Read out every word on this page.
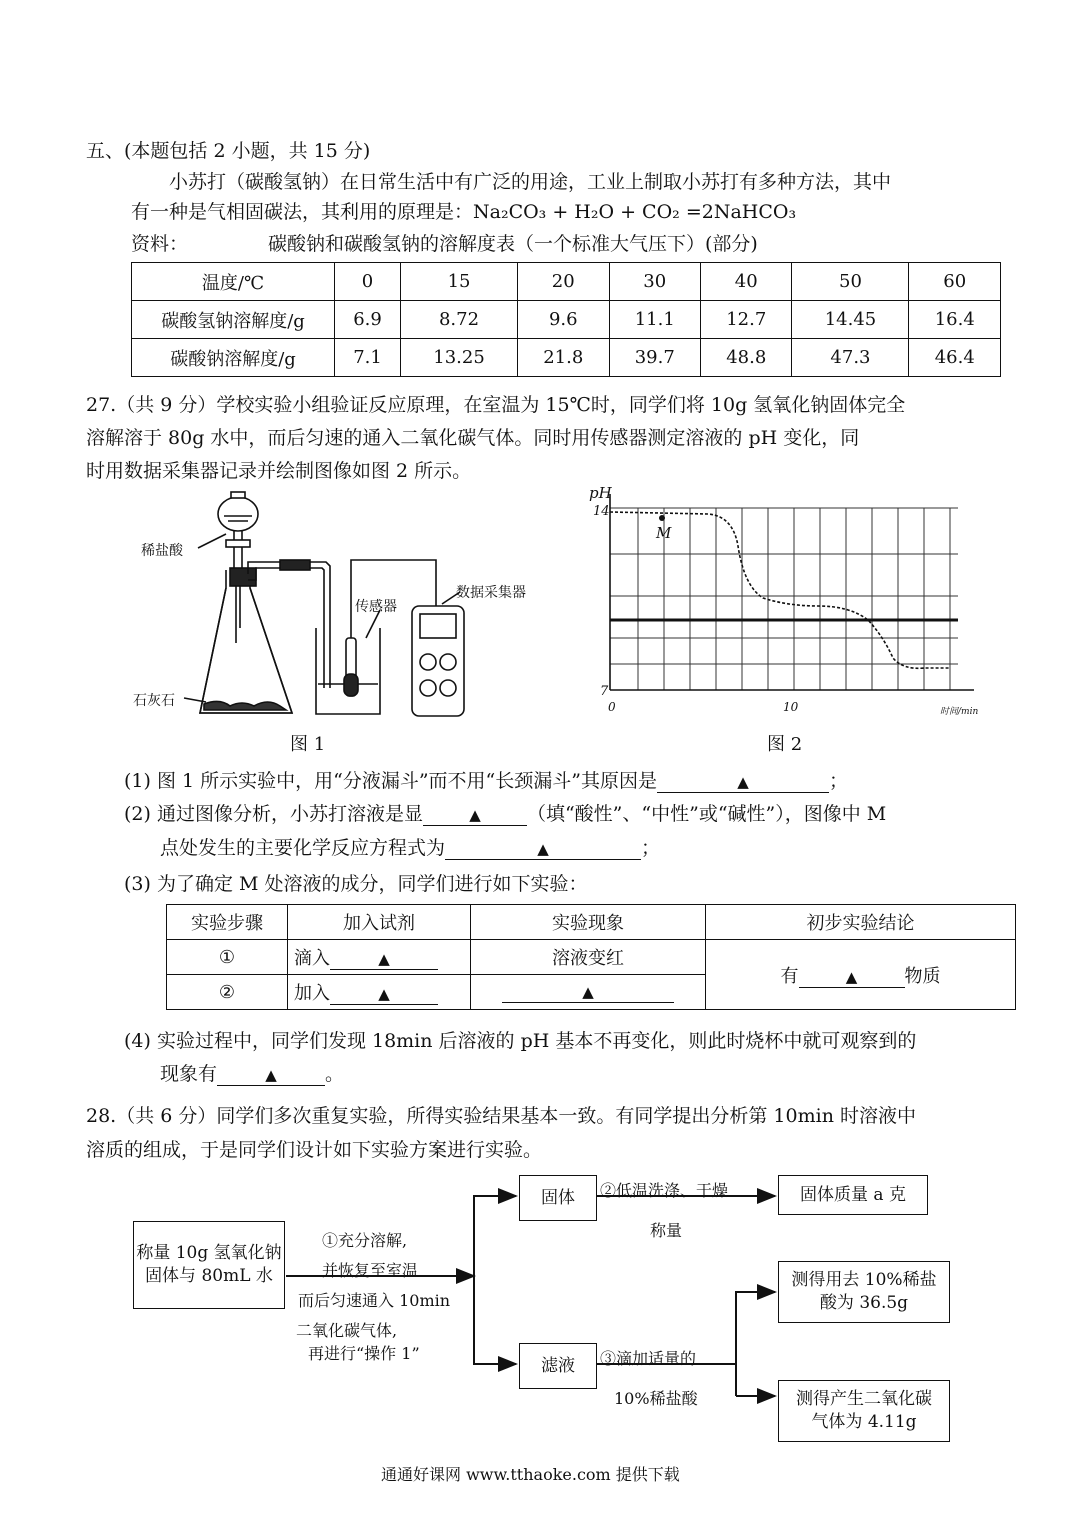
五、(本题包括 2 小题，共 15 分)
小苏打（碳酸氢钠）在日常生活中有广泛的用途，工业上制取小苏打有多种方法，其中
有一种是气相固碳法，其利用的原理是：Na₂CO₃ + H₂O + CO₂ =2NaHCO₃
资料：	碳酸钠和碳酸氢钠的溶解度表（一个标准大气压下）(部分)
温度/℃	0	15	20	30	40	50	60
碳酸氢钠溶解度/g	6.9	8.72	9.6	11.1	12.7	14.45	16.4
碳酸钠溶解度/g	7.1	13.25	21.8	39.7	48.8	47.3	46.4
27.（共 9 分）学校实验小组验证反应原理，在室温为 15℃时，同学们将 10g 氢氧化钠固体完全
溶解溶于 80g 水中，而后匀速的通入二氧化碳气体。同时用传感器测定溶液的 pH 变化，同
时用数据采集器记录并绘制图像如图 2 所示。
稀盐酸
传感器
数据采集器
石灰石
图 1
pH
14
7
0	10	时间/min
M
图 2
(1) 图 1 所示实验中，用“分液漏斗”而不用“长颈漏斗”其原因是	▲	；
(2) 通过图像分析，小苏打溶液是显	▲ （填“酸性”、“中性”或“碱性”），图像中 M
点处发生的主要化学反应方程式为	▲	；
(3) 为了确定 M 处溶液的成分，同学们进行如下实验：
实验步骤	加入试剂	实验现象	初步实验结论
①	滴入 ▲	溶液变红	有 ▲ 物质
②	加入 ▲	▲	
(4) 实验过程中，同学们发现 18min 后溶液的 pH 基本不再变化，则此时烧杯中就可观察到的
现象有	▲	。
28.（共 6 分）同学们多次重复实验，所得实验结果基本一致。有同学提出分析第 10min 时溶液中
溶质的组成，于是同学们设计如下实验方案进行实验。
称量 10g 氢氧化钠固体与 80mL 水
固体
滤液
固体质量 a 克
测得用去 10%稀盐酸为 36.5g
测得产生二氧化碳气体为 4.11g
①充分溶解,
并恢复至室温
而后匀速通入 10min
二氧化碳气体,
再进行“操作 1”
②低温洗涤、干燥
称量
③滴加适量的
10%稀盐酸
通通好课网 www.tthaoke.com 提供下载
